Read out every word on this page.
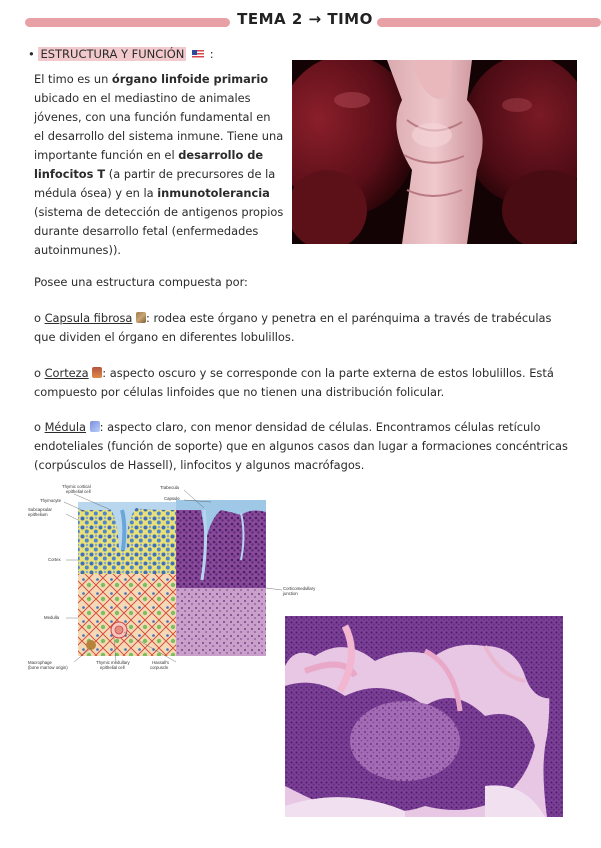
TEMA 2 → TIMO
• ESTRUCTURA Y FUNCIÓN :
El timo es un órgano linfoide primario ubicado en el mediastino de animales jóvenes, con una función fundamental en el desarrollo del sistema inmune. Tiene una importante función en el desarrollo de linfocitos T (a partir de precursores de la médula ósea) y en la inmunotolerancia (sistema de detección de antigenos propios durante desarrollo fetal (enfermedades autoinmunes)).
Posee una estructura compuesta por:
o Capsula fibrosa : rodea este órgano y penetra en el parénquima a través de trabéculas que dividen el órgano en diferentes lobulillos.
o Corteza : aspecto oscuro y se corresponde con la parte externa de estos lobulillos. Está compuesto por células linfoides que no tienen una distribución folicular.
o Médula : aspecto claro, con menor densidad de células. Encontramos células retículo endoteliales (función de soporte) que en algunos casos dan lugar a formaciones concéntricas (corpúsculos de Hassell), linfocitos y algunos macrófagos.
Thymic cortical
epithelial cell
Thymocyte
Subcapsular
epithelium
Cortex
Medulla
Macrophage
(bone marrow origin)
Thymic medullary
epithelial cell
Hassall's
corpuscle
Trabecula
Capsule
Corticomedullary
junction
